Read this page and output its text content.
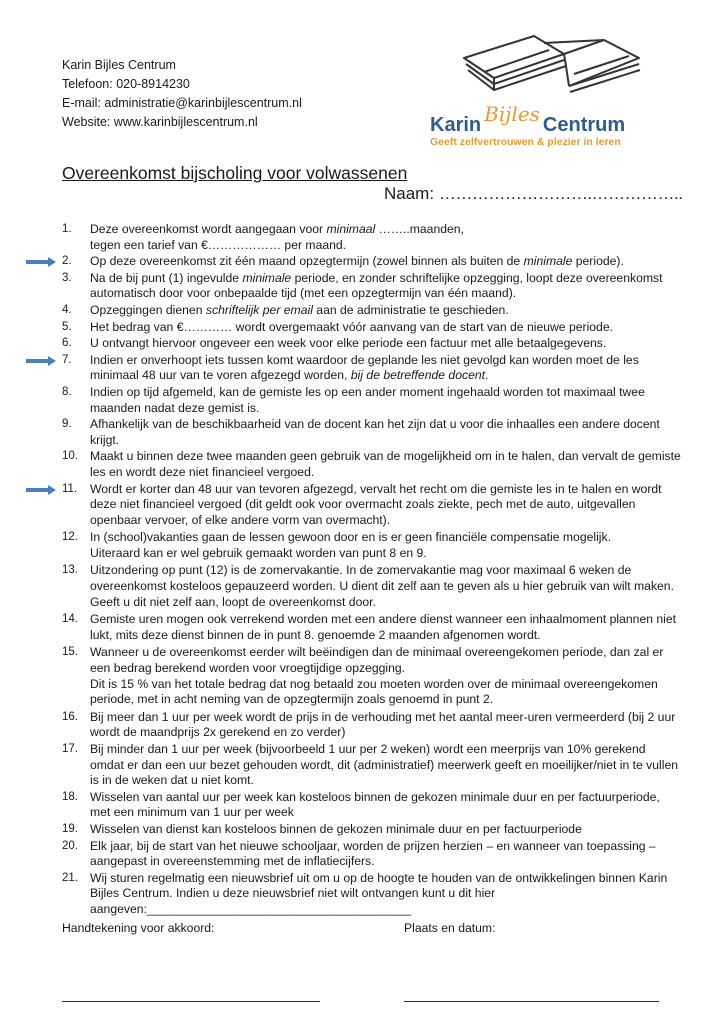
Karin Bijles Centrum
Telefoon: 020-8914230
E-mail: administratie@karinbijlescentrum.nl
Website: www.karinbijlescentrum.nl	Karin Bijles Centrum
Geeft zelfvertrouwen & plezier in leren
Overeenkomst bijscholing voor volwassenen
Naam: ……………………….……………..
1. Deze overeenkomst wordt aangegaan voor minimaal ……..maanden,
tegen een tarief van €……………… per maand.
2. Op deze overeenkomst zit één maand opzegtermijn (zowel binnen als buiten de minimale periode).
3. Na de bij punt (1) ingevulde minimale periode, en zonder schriftelijke opzegging, loopt deze overeenkomst automatisch door voor onbepaalde tijd (met een opzegtermijn van één maand).
4. Opzeggingen dienen schriftelijk per email aan de administratie te geschieden.
5. Het bedrag van €………… wordt overgemaakt vóór aanvang van de start van de nieuwe periode.
6. U ontvangt hiervoor ongeveer een week voor elke periode een factuur met alle betaalgegevens.
7. Indien er onverhoopt iets tussen komt waardoor de geplande les niet gevolgd kan worden moet de les minimaal 48 uur van te voren afgezegd worden, bij de betreffende docent.
8. Indien op tijd afgemeld, kan de gemiste les op een ander moment ingehaald worden tot maximaal twee maanden nadat deze gemist is.
9. Afhankelijk van de beschikbaarheid van de docent kan het zijn dat u voor die inhaalles een andere docent krijgt.
10. Maakt u binnen deze twee maanden geen gebruik van de mogelijkheid om in te halen, dan vervalt de gemiste les en wordt deze niet financieel vergoed.
11. Wordt er korter dan 48 uur van tevoren afgezegd, vervalt het recht om die gemiste les in te halen en wordt deze niet financieel vergoed (dit geldt ook voor overmacht zoals ziekte, pech met de auto, uitgevallen openbaar vervoer, of elke andere vorm van overmacht).
12. In (school)vakanties gaan de lessen gewoon door en is er geen financiële compensatie mogelijk.
Uiteraard kan er wel gebruik gemaakt worden van punt 8 en 9.
13. Uitzondering op punt (12) is de zomervakantie. In de zomervakantie mag voor maximaal 6 weken de overeenkomst kosteloos gepauzeerd worden. U dient dit zelf aan te geven als u hier gebruik van wilt maken. Geeft u dit niet zelf aan, loopt de overeenkomst door.
14. Gemiste uren mogen ook verrekend worden met een andere dienst wanneer een inhaalmoment plannen niet lukt, mits deze dienst binnen de in punt 8. genoemde 2 maanden afgenomen wordt.
15. Wanneer u de overeenkomst eerder wilt beëindigen dan de minimaal overeengekomen periode, dan zal er een bedrag berekend worden voor vroegtijdige opzegging.
Dit is 15 % van het totale bedrag dat nog betaald zou moeten worden over de minimaal overeengekomen periode, met in acht neming van de opzegtermijn zoals genoemd in punt 2.
16. Bij meer dan 1 uur per week wordt de prijs in de verhouding met het aantal meer-uren vermeerderd (bij 2 uur wordt de maandprijs 2x gerekend en zo verder)
17. Bij minder dan 1 uur per week (bijvoorbeeld 1 uur per 2 weken) wordt een meerprijs van 10% gerekend omdat er dan een uur bezet gehouden wordt, dit (administratief) meerwerk geeft en moeilijker/niet in te vullen is in de weken dat u niet komt.
18. Wisselen van aantal uur per week kan kosteloos binnen de gekozen minimale duur en per factuurperiode, met een minimum van 1 uur per week
19. Wisselen van dienst kan kosteloos binnen de gekozen minimale duur en per factuurperiode
20. Elk jaar, bij de start van het nieuwe schooljaar, worden de prijzen herzien – en wanneer van toepassing – aangepast in overeenstemming met de inflatiecijfers.
21. Wij sturen regelmatig een nieuwsbrief uit om u op de hoogte te houden van de ontwikkelingen binnen Karin Bijles Centrum. Indien u deze nieuwsbrief niet wilt ontvangen kunt u dit hier aangeven:_______________________________________
Handtekening voor akkoord:	Plaats en datum:
